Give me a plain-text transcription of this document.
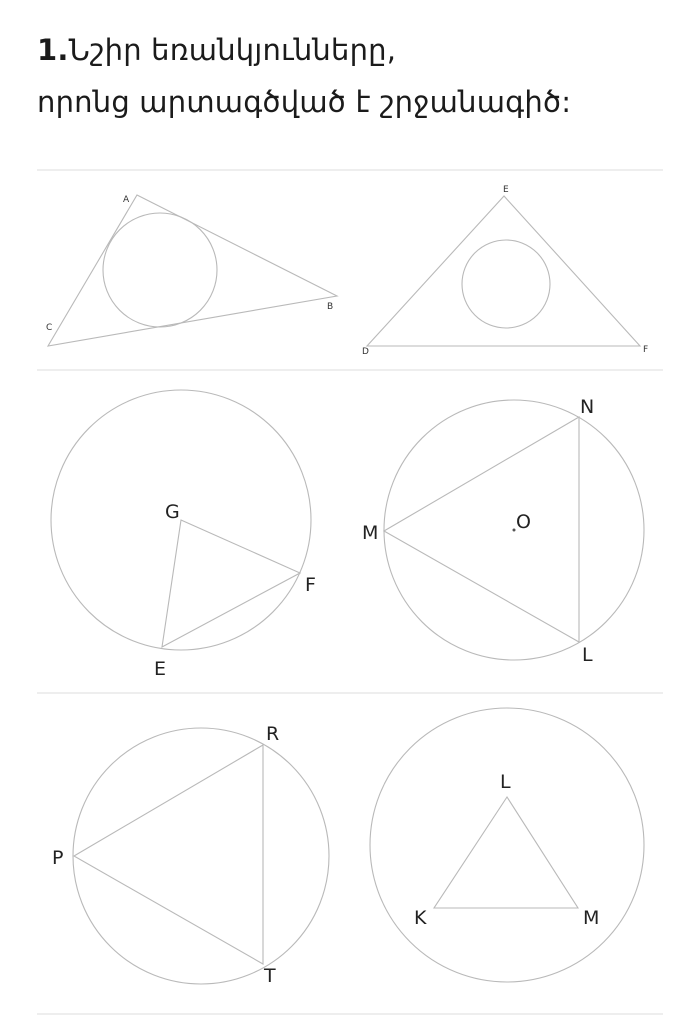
1.Նշիր եռանկյունները,
որոնց արտագծված է շրջանագիծ:
A
B
C
D
E
F
G
F
E
M
N
L
O
P
R
T
L
K	M
